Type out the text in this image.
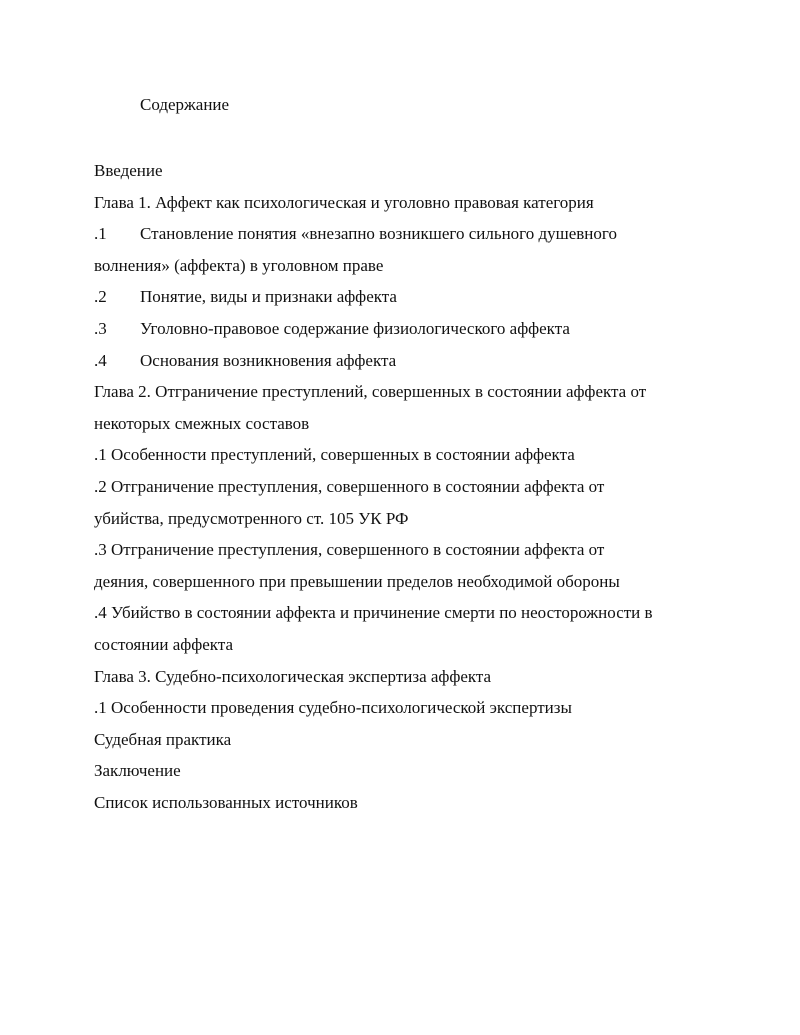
Содержание
Введение
Глава 1. Аффект как психологическая и уголовно правовая категория
.1 Становление понятия «внезапно возникшего сильного душевного
волнения» (аффекта) в уголовном праве
.2 Понятие, виды и признаки аффекта
.3 Уголовно-правовое содержание физиологического аффекта
.4 Основания возникновения аффекта
Глава 2. Отграничение преступлений, совершенных в состоянии аффекта от
некоторых смежных составов
.1 Особенности преступлений, совершенных в состоянии аффекта
.2 Отграничение преступления, совершенного в состоянии аффекта от
убийства, предусмотренного ст. 105 УК РФ
.3 Отграничение преступления, совершенного в состоянии аффекта от
деяния, совершенного при превышении пределов необходимой обороны
.4 Убийство в состоянии аффекта и причинение смерти по неосторожности в
состоянии аффекта
Глава 3. Судебно-психологическая экспертиза аффекта
.1 Особенности проведения судебно-психологической экспертизы
Судебная практика
Заключение
Список использованных источников
